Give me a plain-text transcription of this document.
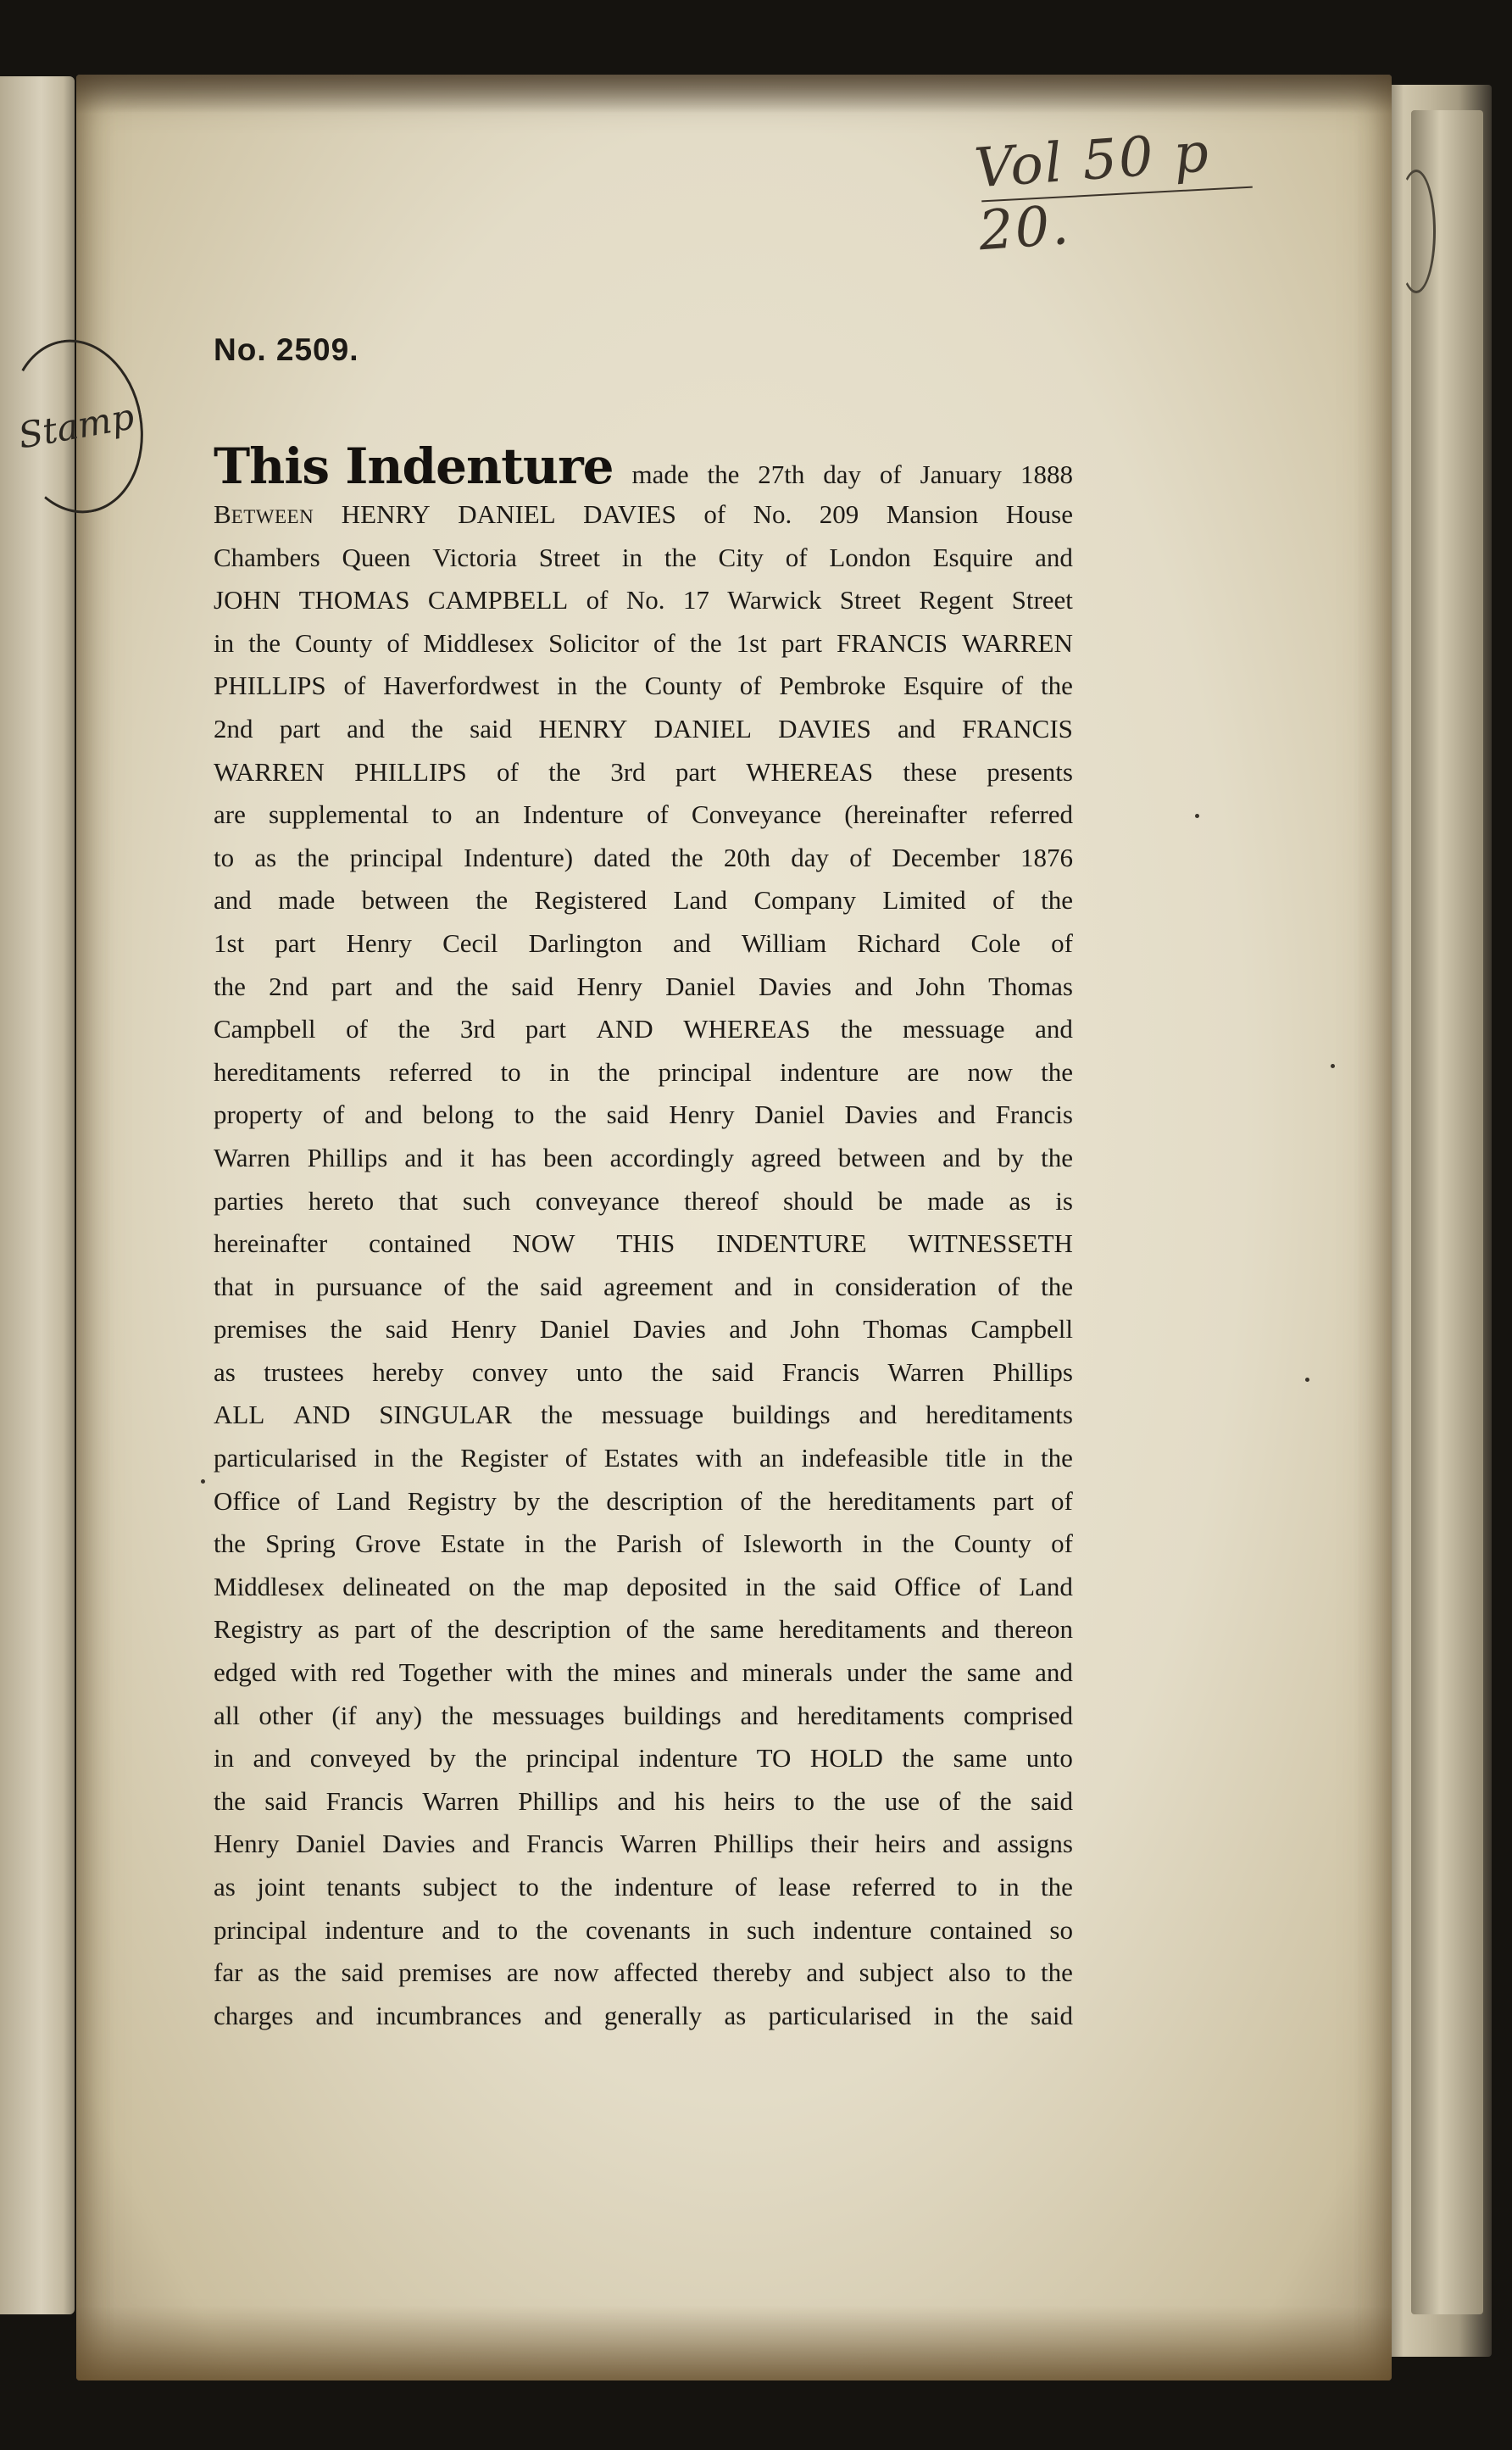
Stamp
Vol 50 p 20.
No. 2509.
This Indenture made the 27th day of January 1888
BETWEEN HENRY DANIEL DAVIES of No. 209 Mansion House
Chambers Queen Victoria Street in the City of London Esquire and
JOHN THOMAS CAMPBELL of No. 17 Warwick Street Regent Street
in the County of Middlesex Solicitor of the 1st part FRANCIS WARREN
PHILLIPS of Haverfordwest in the County of Pembroke Esquire of the
2nd part and the said HENRY DANIEL DAVIES and FRANCIS
WARREN PHILLIPS of the 3rd part WHEREAS these presents
are supplemental to an Indenture of Conveyance (hereinafter referred
to as the principal Indenture) dated the 20th day of December 1876
and made between the Registered Land Company Limited of the
1st part Henry Cecil Darlington and William Richard Cole of
the 2nd part and the said Henry Daniel Davies and John Thomas
Campbell of the 3rd part AND WHEREAS the messuage and
hereditaments referred to in the principal indenture are now the
property of and belong to the said Henry Daniel Davies and Francis
Warren Phillips and it has been accordingly agreed between and by the
parties hereto that such conveyance thereof should be made as is
hereinafter contained NOW THIS INDENTURE WITNESSETH
that in pursuance of the said agreement and in consideration of the
premises the said Henry Daniel Davies and John Thomas Campbell
as trustees hereby convey unto the said Francis Warren Phillips
ALL AND SINGULAR the messuage buildings and hereditaments
particularised in the Register of Estates with an indefeasible title in the
Office of Land Registry by the description of the hereditaments part of
the Spring Grove Estate in the Parish of Isleworth in the County of
Middlesex delineated on the map deposited in the said Office of Land
Registry as part of the description of the same hereditaments and thereon
edged with red Together with the mines and minerals under the same and
all other (if any) the messuages buildings and hereditaments comprised
in and conveyed by the principal indenture TO HOLD the same unto
the said Francis Warren Phillips and his heirs to the use of the said
Henry Daniel Davies and Francis Warren Phillips their heirs and assigns
as joint tenants subject to the indenture of lease referred to in the
principal indenture and to the covenants in such indenture contained so
far as the said premises are now affected thereby and subject also to the
charges and incumbrances and generally as particularised in the said
